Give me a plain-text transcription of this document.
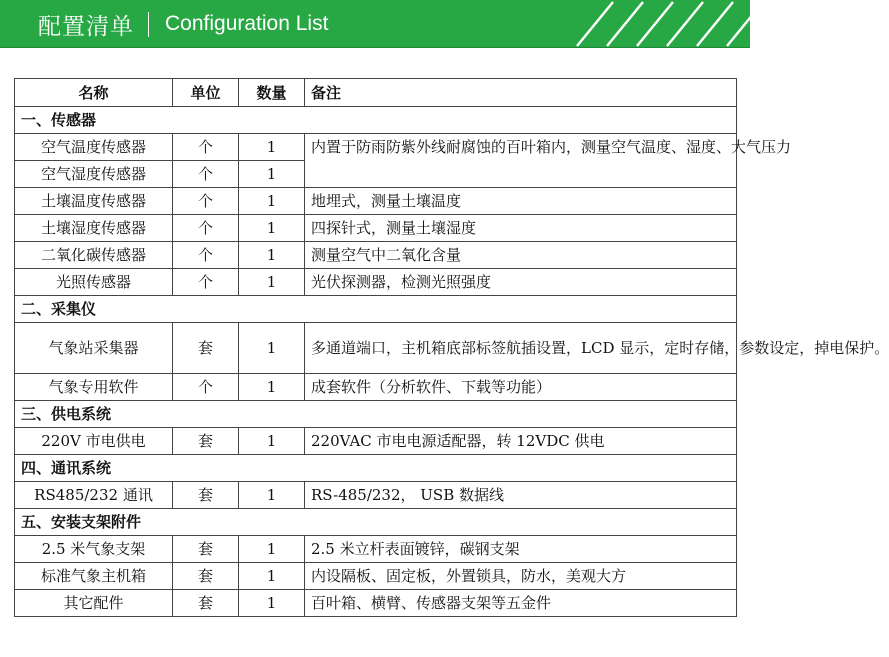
配置清单 Configuration List
名称	单位	数量	备注
一、传感器			
空气温度传感器	个	1	内置于防雨防紫外线耐腐蚀的百叶箱内，测量空气温度、湿度、大气压力
空气湿度传感器	个	1	
土壤温度传感器	个	1	地埋式，测量土壤温度
土壤湿度传感器	个	1	四探针式，测量土壤湿度
二氧化碳传感器	个	1	测量空气中二氧化含量
光照传感器	个	1	光伏探测器，检测光照强度
二、采集仪			
气象站采集器	套	1	多通道端口，主机箱底部标签航插设置，LCD 显示，定时存储，参数设定，掉电保护。
气象专用软件	个	1	成套软件（分析软件、下载等功能）
三、供电系统			
220V 市电供电	套	1	220VAC 市电电源适配器，转 12VDC 供电
四、通讯系统			
RS485/232 通讯	套	1	RS-485/232， USB 数据线
五、安装支架附件			
2.5 米气象支架	套	1	2.5 米立杆表面镀锌，碳钢支架
标准气象主机箱	套	1	内设隔板、固定板，外置锁具，防水，美观大方
其它配件	套	1	百叶箱、横臂、传感器支架等五金件
